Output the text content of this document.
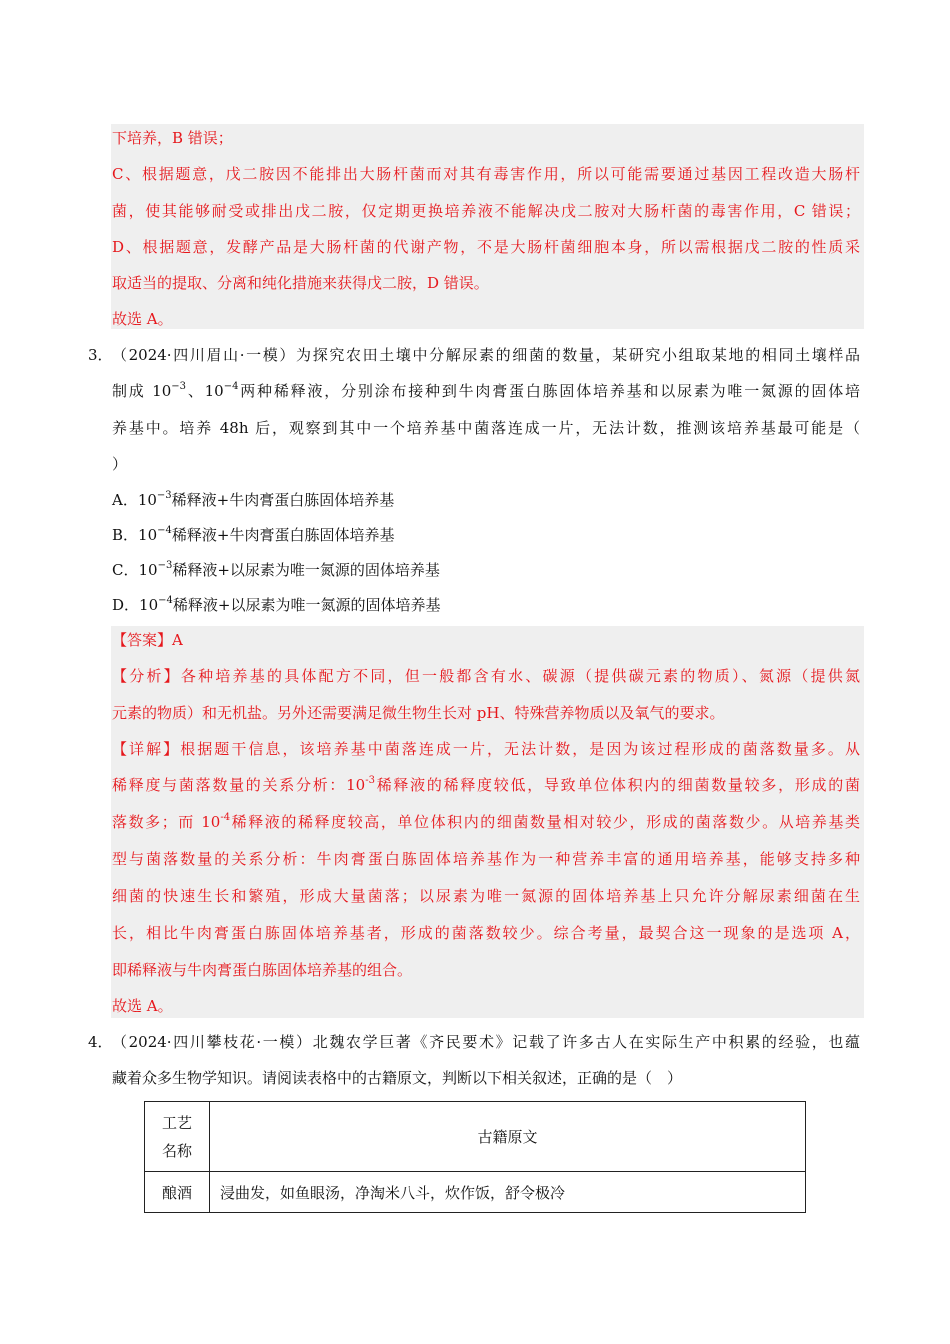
下培养，B 错误；
C、根据题意，戊二胺因不能排出大肠杆菌而对其有毒害作用，所以可能需要通过基因工程改造大肠杆
菌，使其能够耐受或排出戊二胺，仅定期更换培养液不能解决戊二胺对大肠杆菌的毒害作用，C 错误；
D、根据题意，发酵产品是大肠杆菌的代谢产物，不是大肠杆菌细胞本身，所以需根据戊二胺的性质采
取适当的提取、分离和纯化措施来获得戊二胺，D 错误。
故选 A。
3． （2024·四川眉山·一模）为探究农田土壤中分解尿素的细菌的数量，某研究小组取某地的相同土壤样品
制成 $10^{-3}$、$10^{-4}$两种稀释液，分别涂布接种到牛肉膏蛋白胨固体培养基和以尿素为唯一氮源的固体培
养基中。培养 48h 后，观察到其中一个培养基中菌落连成一片，无法计数，推测该培养基最可能是（
）
A．$10^{-3}$稀释液+牛肉膏蛋白胨固体培养基
B．$10^{-4}$稀释液+牛肉膏蛋白胨固体培养基
C．$10^{-3}$稀释液+以尿素为唯一氮源的固体培养基
D．$10^{-4}$稀释液+以尿素为唯一氮源的固体培养基
【答案】A
【分析】各种培养基的具体配方不同，但一般都含有水、碳源（提供碳元素的物质）、氮源（提供氮
元素的物质）和无机盐。另外还需要满足微生物生长对 pH、特殊营养物质以及氧气的要求。
【详解】根据题干信息，该培养基中菌落连成一片，无法计数，是因为该过程形成的菌落数量多。从
稀释度与菌落数量的关系分析：$10^{-3}$稀释液的稀释度较低，导致单位体积内的细菌数量较多，形成的菌
落数多；而 $10^{-4}$稀释液的稀释度较高，单位体积内的细菌数量相对较少，形成的菌落数少。从培养基类
型与菌落数量的关系分析：牛肉膏蛋白胨固体培养基作为一种营养丰富的通用培养基，能够支持多种
细菌的快速生长和繁殖，形成大量菌落；以尿素为唯一氮源的固体培养基上只允许分解尿素细菌在生
长，相比牛肉膏蛋白胨固体培养基者，形成的菌落数较少。综合考量，最契合这一现象的是选项 A，
即稀释液与牛肉膏蛋白胨固体培养基的组合。
故选 A。
4． （2024·四川攀枝花·一模）北魏农学巨著《齐民要术》记载了许多古人在实际生产中积累的经验，也蕴
藏着众多生物学知识。请阅读表格中的古籍原文，判断以下相关叙述，正确的是（　）
工艺
名称	古籍原文
酿酒	浸曲发，如鱼眼汤，净淘米八斗，炊作饭，舒令极冷
